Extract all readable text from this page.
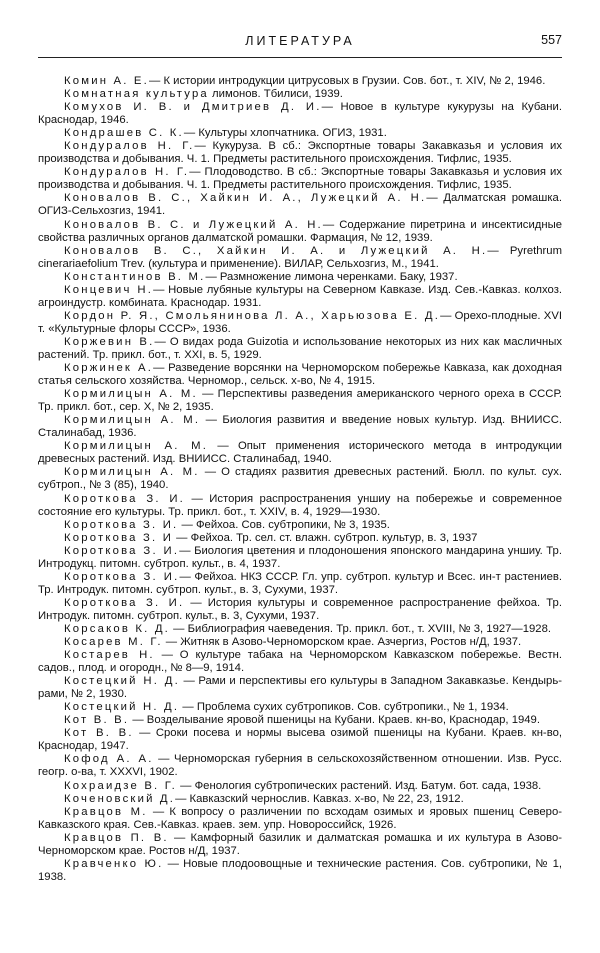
ЛИТЕРАТУРА	557

Комин А. Е.— К истории интродукции цитрусовых в Грузии. Сов. бот., т. XIV, № 2, 1946.

Комнатная культура лимонов. Тбилиси, 1939.

Комухов И. В. и Дмитриев Д. И.— Новое в культуре кукурузы на Кубани. Краснодар, 1946.

Кондрашев С. К.— Культуры хлопчатника. ОГИЗ, 1931.

Кондуралов Н. Г.— Кукуруза. В сб.: Экспортные товары Закавказья и условия их производства и добывания. Ч. 1. Предметы растительного происхождения. Тифлис, 1935.

Кондуралов Н. Г.— Плодоводство. В сб.: Экспортные товары Закавказья и условия их производства и добывания. Ч. 1. Предметы растительного происхождения. Тифлис, 1935.

Коновалов В. С., Хайкин И. А., Лужецкий А. Н.— Далматская ромашка. ОГИЗ-Сельхозгиз, 1941.

Коновалов В. С. и Лужецкий А. Н.— Содержание пиретрина и инсектисидные свойства различных органов далматской ромашки. Фармация, № 12, 1939.

Коновалов В. С., Хайкин И. А. и Лужецкий А. Н.— Pyrethrum cinerariaefolium Trev. (культура и применение). ВИЛАР, Сельхозгиз, М., 1941.

Константинов В. М.— Размножение лимона черенками. Баку, 1937.

Концевич Н.— Новые лубяные культуры на Северном Кавказе. Изд. Сев.-Кавказ. колхоз. агроиндустр. комбината. Краснодар. 1931.

Кордон Р. Я., Смольянинова Л. А., Харьюзова Е. Д.— Орехо-плодные. XVI т. «Культурные флоры СССР», 1936.

Коржевин В.— О видах рода Guizotia и использование некоторых из них как масличных растений. Тр. прикл. бот., т. XXI, в. 5, 1929.

Коржинек А.— Разведение ворсянки на Черноморском побережье Кавказа, как доходная статья сельского хозяйства. Черномор., сельск. х-во, № 4, 1915.

Кормилицын А. М. — Перспективы разведения американского черного ореха в СССР. Тр. прикл. бот., сер. X, № 2, 1935.

Кормилицын А. М. — Биология развития и введение новых культур. Изд. ВНИИСС. Сталинабад, 1936.

Кормилицын А. М. — Опыт применения исторического метода в интродукции древесных растений. Изд. ВНИИСС. Сталинабад, 1940.

Кормилицын А. М. — О стадиях развития древесных растений. Бюлл. по культ. сух. субтроп., № 3 (85), 1940.

Короткова З. И. — История распространения уншиу на побережье и современное состояние его культуры. Тр. прикл. бот., т. XXIV, в. 4, 1929—1930.

Короткова З. И. — Фейхоа. Сов. субтропики, № 3, 1935.

Короткова З. И — Фейхоа. Тр. сел. ст. влажн. субтроп. культур, в. 3, 1937

Короткова З. И.— Биология цветения и плодоношения японского мандарина уншиу. Тр. Интродукц. питомн. субтроп. культ., в. 4, 1937.

Короткова З. И.— Фейхоа. НКЗ СССР. Гл. упр. субтроп. культур и Всес. ин-т растениев. Тр. Интродук. питомн. субтроп. культ., в. 3, Сухуми, 1937.

Короткова З. И. — История культуры и современное распространение фейхоа. Тр. Интродук. питомн. субтроп. культ., в. 3, Сухуми, 1937.

Корсаков К. Д. — Библиография чаеведения. Тр. прикл. бот., т. XVIII, № 3, 1927—1928.

Косарев М. Г. — Житняк в Азово-Черноморском крае. Азчергиз, Ростов н/Д, 1937.

Костарев Н. — О культуре табака на Черноморском Кавказском побережье. Вестн. садов., плод. и огородн., № 8—9, 1914.

Костецкий Н. Д. — Рами и перспективы его культуры в Западном Закавказье. Кендырь-рами, № 2, 1930.

Костецкий Н. Д. — Проблема сухих субтропиков. Сов. субтропики., № 1, 1934.

Кот В. В. — Возделывание яровой пшеницы на Кубани. Краев. кн-во, Краснодар, 1949.

Кот В. В. — Сроки посева и нормы высева озимой пшеницы на Кубани. Краев. кн-во, Краснодар, 1947.

Кофод А. А. — Черноморская губерния в сельскохозяйственном отношении. Изв. Русс. геогр. о-ва, т. XXXVI, 1902.

Кохраидзе В. Г. — Фенология субтропических растений. Изд. Батум. бот. сада, 1938.

Коченовский Д.— Кавказский чернослив. Кавказ. х-во, № 22, 23, 1912.

Кравцов М. — К вопросу о различении по всходам озимых и яровых пшениц Северо-Кавказского края. Сев.-Кавказ. краев. зем. упр. Новороссийск, 1926.

Кравцов П. В. — Камфорный базилик и далматская ромашка и их культура в Азово-Черноморском крае. Ростов н/Д, 1937.

Кравченко Ю. — Новые плодоовощные и технические растения. Сов. субтропики, № 1, 1938.
